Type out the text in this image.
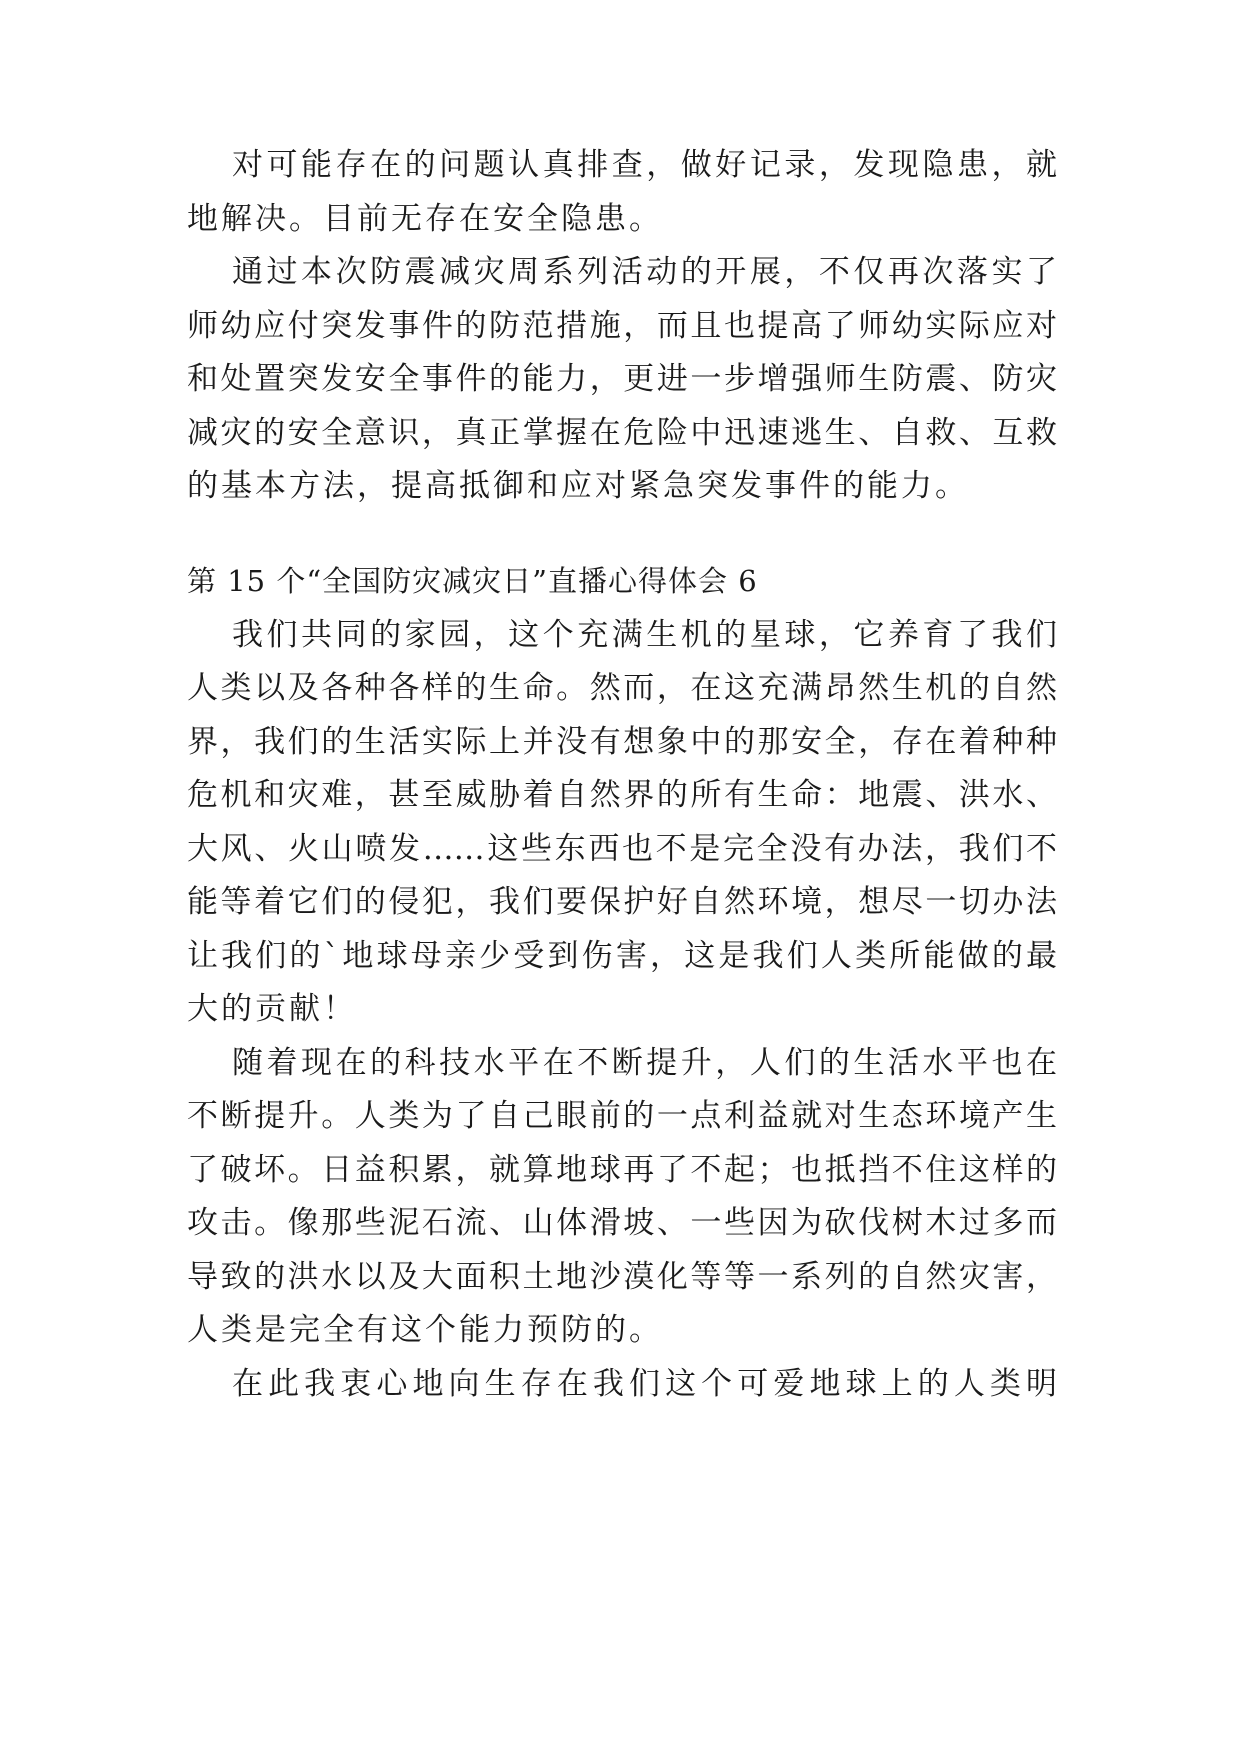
对可能存在的问题认真排查，做好记录，发现隐患，就
地解决。目前无存在安全隐患。
通过本次防震减灾周系列活动的开展，不仅再次落实了
师幼应付突发事件的防范措施，而且也提高了师幼实际应对
和处置突发安全事件的能力，更进一步增强师生防震、防灾
减灾的安全意识，真正掌握在危险中迅速逃生、自救、互救
的基本方法，提高抵御和应对紧急突发事件的能力。
第 15 个“全国防灾减灾日”直播心得体会 6
我们共同的家园，这个充满生机的星球，它养育了我们
人类以及各种各样的生命。然而，在这充满昂然生机的自然
界，我们的生活实际上并没有想象中的那安全，存在着种种
危机和灾难，甚至威胁着自然界的所有生命：地震、洪水、
大风、火山喷发……这些东西也不是完全没有办法，我们不
能等着它们的侵犯，我们要保护好自然环境，想尽一切办法
让我们的`地球母亲少受到伤害，这是我们人类所能做的最
大的贡献！
随着现在的科技水平在不断提升，人们的生活水平也在
不断提升。人类为了自己眼前的一点利益就对生态环境产生
了破坏。日益积累，就算地球再了不起；也抵挡不住这样的
攻击。像那些泥石流、山体滑坡、一些因为砍伐树木过多而
导致的洪水以及大面积土地沙漠化等等一系列的自然灾害，
人类是完全有这个能力预防的。
在此我衷心地向生存在我们这个可爱地球上的人类明
